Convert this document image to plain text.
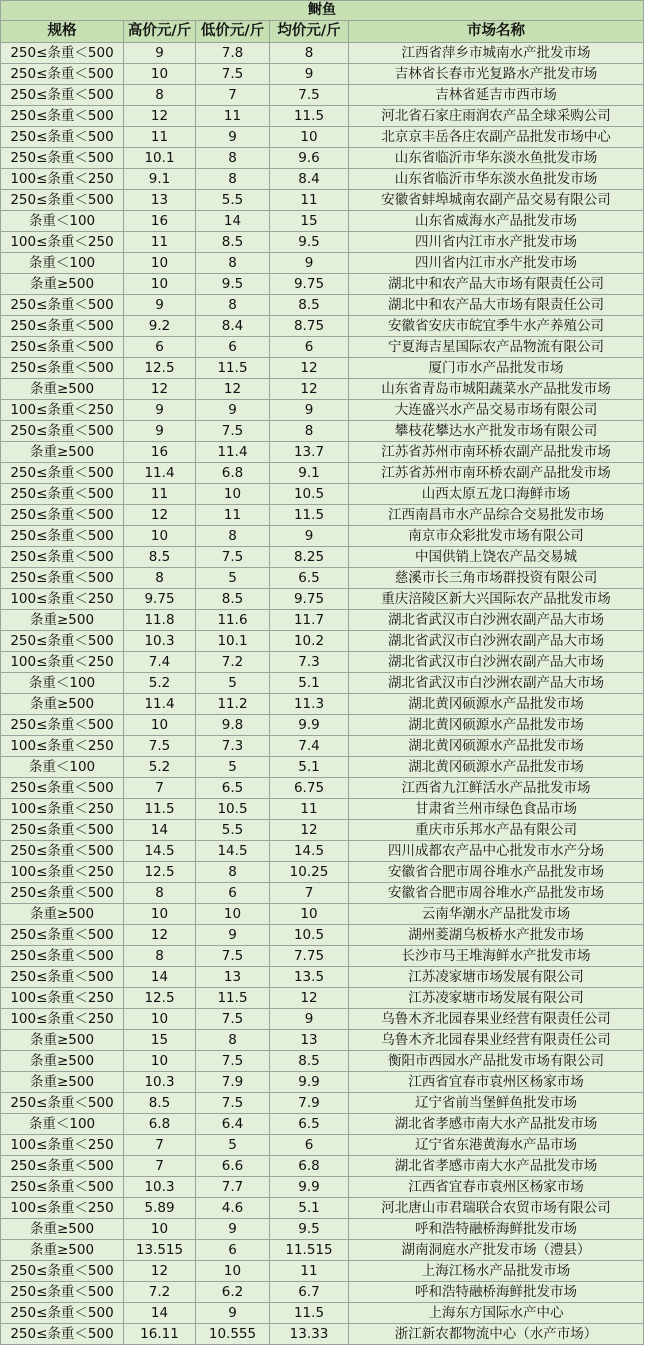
鲥鱼				
规格	高价元/斤	低价元/斤	均价元/斤	市场名称
250≤条重＜500	9	7.8	8	江西省萍乡市城南水产批发市场
250≤条重＜500	10	7.5	9	吉林省长春市光复路水产批发市场
250≤条重＜500	8	7	7.5	吉林省延吉市西市场
250≤条重＜500	12	11	11.5	河北省石家庄雨润农产品全球采购公司
250≤条重＜500	11	9	10	北京京丰岳各庄农副产品批发市场中心
250≤条重＜500	10.1	8	9.6	山东省临沂市华东淡水鱼批发市场
100≤条重＜250	9.1	8	8.4	山东省临沂市华东淡水鱼批发市场
250≤条重＜500	13	5.5	11	安徽省蚌埠城南农副产品交易有限公司
条重＜100	16	14	15	山东省威海水产品批发市场
100≤条重＜250	11	8.5	9.5	四川省内江市水产批发市场
条重＜100	10	8	9	四川省内江市水产批发市场
条重≥500	10	9.5	9.75	湖北中和农产品大市场有限责任公司
250≤条重＜500	9	8	8.5	湖北中和农产品大市场有限责任公司
250≤条重＜500	9.2	8.4	8.75	安徽省安庆市皖宜季牛水产养殖公司
250≤条重＜500	6	6	6	宁夏海吉星国际农产品物流有限公司
250≤条重＜500	12.5	11.5	12	厦门市水产品批发市场
条重≥500	12	12	12	山东省青岛市城阳蔬菜水产品批发市场
100≤条重＜250	9	9	9	大连盛兴水产品交易市场有限公司
250≤条重＜500	9	7.5	8	攀枝花攀达水产批发市场有限公司
条重≥500	16	11.4	13.7	江苏省苏州市南环桥农副产品批发市场
250≤条重＜500	11.4	6.8	9.1	江苏省苏州市南环桥农副产品批发市场
250≤条重＜500	11	10	10.5	山西太原五龙口海鲜市场
250≤条重＜500	12	11	11.5	江西南昌市水产品综合交易批发市场
250≤条重＜500	10	8	9	南京市众彩批发市场有限公司
250≤条重＜500	8.5	7.5	8.25	中国供销上饶农产品交易城
250≤条重＜500	8	5	6.5	慈溪市长三角市场群投资有限公司
100≤条重＜250	9.75	8.5	9.75	重庆涪陵区新大兴国际农产品批发市场
条重≥500	11.8	11.6	11.7	湖北省武汉市白沙洲农副产品大市场
250≤条重＜500	10.3	10.1	10.2	湖北省武汉市白沙洲农副产品大市场
100≤条重＜250	7.4	7.2	7.3	湖北省武汉市白沙洲农副产品大市场
条重＜100	5.2	5	5.1	湖北省武汉市白沙洲农副产品大市场
条重≥500	11.4	11.2	11.3	湖北黄冈硕源水产品批发市场
250≤条重＜500	10	9.8	9.9	湖北黄冈硕源水产品批发市场
100≤条重＜250	7.5	7.3	7.4	湖北黄冈硕源水产品批发市场
条重＜100	5.2	5	5.1	湖北黄冈硕源水产品批发市场
250≤条重＜500	7	6.5	6.75	江西省九江鲜活水产品批发市场
100≤条重＜250	11.5	10.5	11	甘肃省兰州市绿色食品市场
250≤条重＜500	14	5.5	12	重庆市乐邦水产品有限公司
250≤条重＜500	14.5	14.5	14.5	四川成都农产品中心批发市水产分场
100≤条重＜250	12.5	8	10.25	安徽省合肥市周谷堆水产品批发市场
250≤条重＜500	8	6	7	安徽省合肥市周谷堆水产品批发市场
条重≥500	10	10	10	云南华潮水产品批发市场
250≤条重＜500	12	9	10.5	湖州菱湖乌板桥水产批发市场
250≤条重＜500	8	7.5	7.75	长沙市马王堆海鲜水产批发市场
250≤条重＜500	14	13	13.5	江苏凌家塘市场发展有限公司
100≤条重＜250	12.5	11.5	12	江苏凌家塘市场发展有限公司
100≤条重＜250	10	7.5	9	乌鲁木齐北园春果业经营有限责任公司
条重≥500	15	8	13	乌鲁木齐北园春果业经营有限责任公司
条重≥500	10	7.5	8.5	衡阳市西园水产品批发市场有限公司
条重≥500	10.3	7.9	9.9	江西省宜春市袁州区杨家市场
250≤条重＜500	8.5	7.5	7.9	辽宁省前当堡鲜鱼批发市场
条重＜100	6.8	6.4	6.5	湖北省孝感市南大水产品批发市场
100≤条重＜250	7	5	6	辽宁省东港黄海水产品市场
250≤条重＜500	7	6.6	6.8	湖北省孝感市南大水产品批发市场
250≤条重＜500	10.3	7.7	9.9	江西省宜春市袁州区杨家市场
100≤条重＜250	5.89	4.6	5.1	河北唐山市君瑞联合农贸市场有限公司
条重≥500	10	9	9.5	呼和浩特融桥海鲜批发市场
条重≥500	13.515	6	11.515	湖南洞庭水产批发市场（澧县）
250≤条重＜500	12	10	11	上海江杨水产品批发市场
250≤条重＜500	7.2	6.2	6.7	呼和浩特融桥海鲜批发市场
250≤条重＜500	14	9	11.5	上海东方国际水产中心
250≤条重＜500	16.11	10.555	13.33	浙江新农都物流中心（水产市场）
